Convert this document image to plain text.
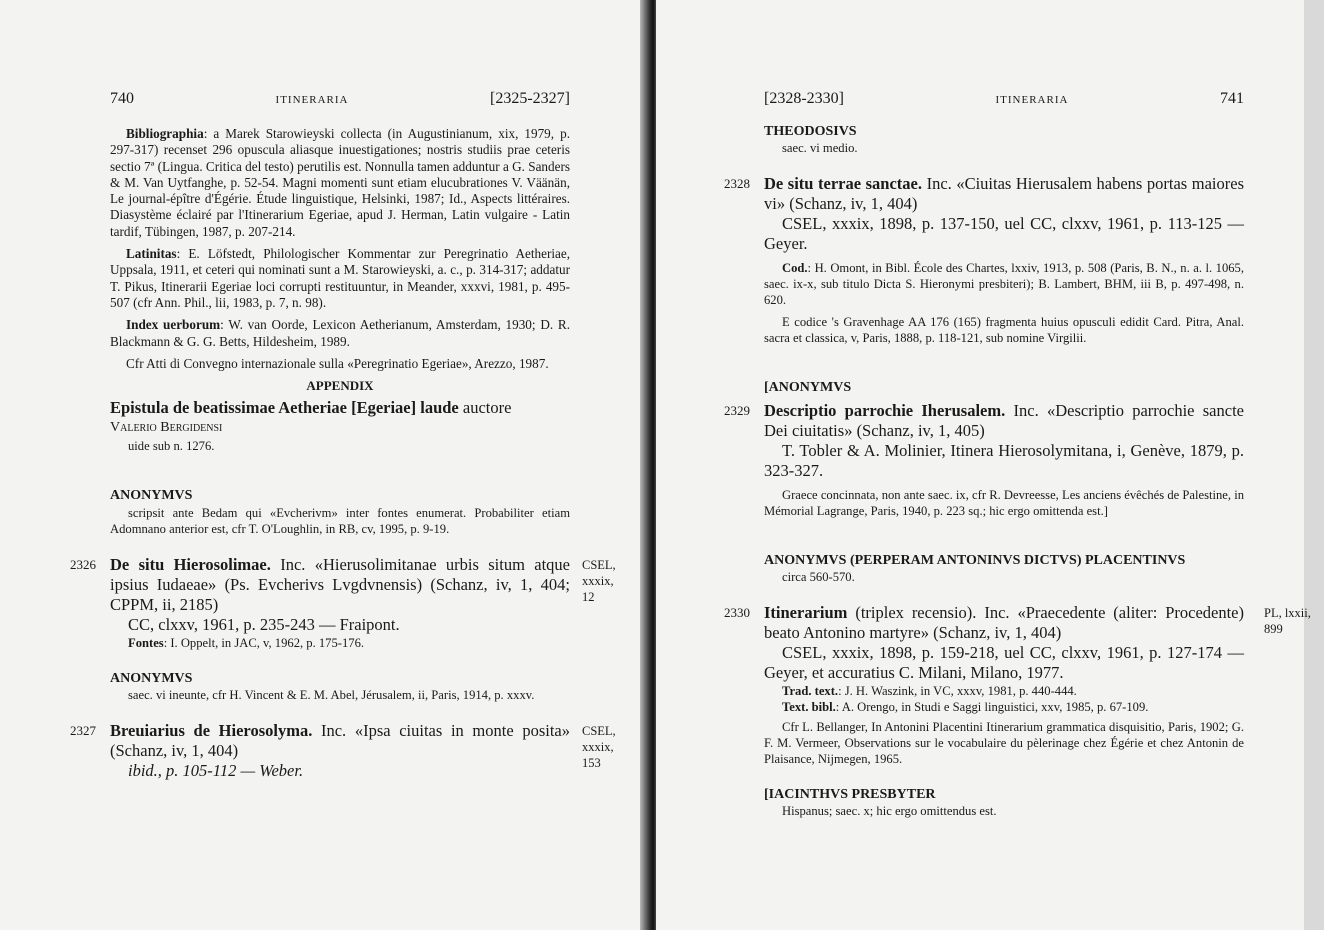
740	ITINERARIA	[2325-2327]

Bibliographia: a Marek Starowieyski collecta (in Augustinianum, xix, 1979, p. 297-317) recenset 296 opuscula aliasque inuestigationes; nostris studiis prae ceteris sectio 7ª (Lingua. Critica del testo) perutilis est. Nonnulla tamen adduntur a G. Sanders & M. Van Uytfanghe, p. 52-54. Magni momenti sunt etiam elucubrationes V. Väänän, Le journal-épître d'Égérie. Étude linguistique, Helsinki, 1987; Id., Aspects littéraires. Diasystème éclairé par l'Itinerarium Egeriae, apud J. Herman, Latin vulgaire - Latin tardif, Tübingen, 1987, p. 207-214.

Latinitas: E. Löfstedt, Philologischer Kommentar zur Peregrinatio Aetheriae, Uppsala, 1911, et ceteri qui nominati sunt a M. Starowieyski, a. c., p. 314-317; addatur T. Pikus, Itinerarii Egeriae loci corrupti restituuntur, in Meander, xxxvi, 1981, p. 495-507 (cfr Ann. Phil., lii, 1983, p. 7, n. 98).

Index uerborum: W. van Oorde, Lexicon Aetherianum, Amsterdam, 1930; D. R. Blackmann & G. G. Betts, Hildesheim, 1989.

Cfr Atti di Convegno internazionale sulla «Peregrinatio Egeriae», Arezzo, 1987.

APPENDIX

Epistula de beatissimae Aetheriae [Egeriae] laude auctore

Valerio Bergidensi

uide sub n. 1276.

ANONYMVS

scripsit ante Bedam qui «Evcherivm» inter fontes enumerat. Probabiliter etiam Adomnano anterior est, cfr T. O'Loughlin, in RB, cv, 1995, p. 9-19.

2326	CSEL, xxxix, 12

De situ Hierosolimae. Inc. «Hierusolimitanae urbis situm atque ipsius Iudaeae» (Ps. Evcherivs Lvgdvnensis) (Schanz, iv, 1, 404; CPPM, ii, 2185)

CC, clxxv, 1961, p. 235-243 — Fraipont.

Fontes: I. Oppelt, in JAC, v, 1962, p. 175-176.

ANONYMVS

saec. vi ineunte, cfr H. Vincent & E. M. Abel, Jérusalem, ii, Paris, 1914, p. xxxv.

2327	CSEL, xxxix, 153

Breuiarius de Hierosolyma. Inc. «Ipsa ciuitas in monte posita» (Schanz, iv, 1, 404)

ibid., p. 105-112 — Weber.

[2328-2330]	ITINERARIA	741
THEODOSIVS

saec. vi medio.

2328 De situ terrae sanctae. Inc. «Ciuitas Hierusalem habens portas maiores vi» (Schanz, iv, 1, 404)

CSEL, xxxix, 1898, p. 137-150, uel CC, clxxv, 1961, p. 113-125 — Geyer.

Cod.: H. Omont, in Bibl. École des Chartes, lxxiv, 1913, p. 508 (Paris, B. N., n. a. l. 1065, saec. ix-x, sub titulo Dicta S. Hieronymi presbiteri); B. Lambert, BHM, iii B, p. 497-498, n. 620.

E codice 's Gravenhage AA 176 (165) fragmenta huius opusculi edidit Card. Pitra, Anal. sacra et classica, v, Paris, 1888, p. 118-121, sub nomine Virgilii.

[ANONYMVS
2329 Descriptio parrochie Iherusalem. Inc. «Descriptio parrochie sancte Dei ciuitatis» (Schanz, iv, 1, 405)

T. Tobler & A. Molinier, Itinera Hierosolymitana, i, Genève, 1879, p. 323-327.

Graece concinnata, non ante saec. ix, cfr R. Devreesse, Les anciens évêchés de Palestine, in Mémorial Lagrange, Paris, 1940, p. 223 sq.; hic ergo omittenda est.]

ANONYMVS (PERPERAM ANTONINVS DICTVS) PLACENTINVS

circa 560-570.

2330	PL, lxxii, 899

Itinerarium (triplex recensio). Inc. «Praecedente (aliter: Procedente) beato Antonino martyre» (Schanz, iv, 1, 404)

CSEL, xxxix, 1898, p. 159-218, uel CC, clxxv, 1961, p. 127-174 — Geyer, et accuratius C. Milani, Milano, 1977.

Trad. text.: J. H. Waszink, in VC, xxxv, 1981, p. 440-444.

Text. bibl.: A. Orengo, in Studi e Saggi linguistici, xxv, 1985, p. 67-109.

Cfr L. Bellanger, In Antonini Placentini Itinerarium grammatica disquisitio, Paris, 1902; G. F. M. Vermeer, Observations sur le vocabulaire du pèlerinage chez Égérie et chez Antonin de Plaisance, Nijmegen, 1965.

[IACINTHVS PRESBYTER

Hispanus; saec. x; hic ergo omittendus est.
